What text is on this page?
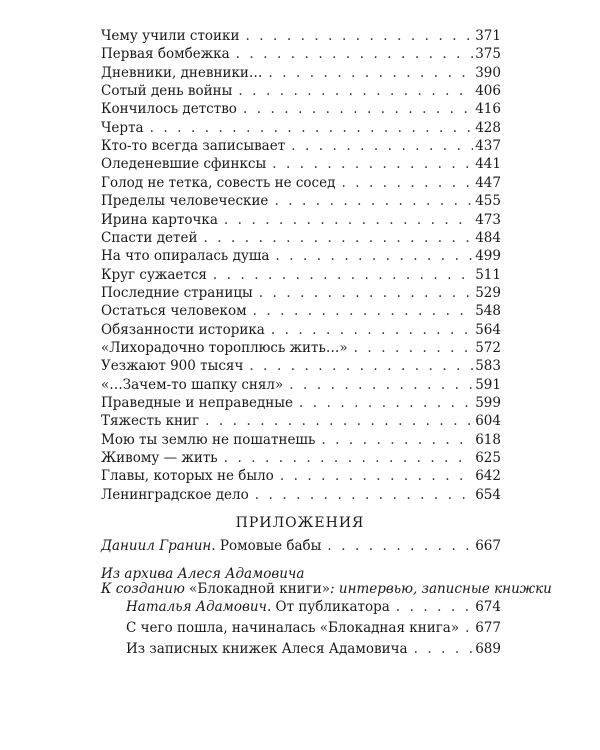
Чему учили стоики . . .	371
Первая бомбежка . . .	375
Дневники, дневники… . . .	390
Сотый день войны . . .	406
Кончилось детство . . .	416
Черта . . .	428
Кто-то всегда записывает . . .	437
Оледеневшие сфинксы . . .	441
Голод не тетка, совесть не сосед . . .	447
Пределы человеческие . . .	455
Ирина карточка . . .	473
Спасти детей . . .	484
На что опиралась душа . . .	499
Круг сужается . . .	511
Последние страницы . . .	529
Остаться человеком . . .	548
Обязанности историка . . .	564
«Лихорадочно тороплюсь жить…» . . .	572
Уезжают 900 тысяч . . .	583
«…Зачем-то шапку снял» . . .	591
Праведные и неправедные . . .	599
Тяжесть книг . . .	604
Мою ты землю не пошатнешь . . .	618
Живому — жить . . .	625
Главы, которых не было . . .	642
Ленинградское дело . . .	654
ПРИЛОЖЕНИЯ
Даниил Гранин. Ромовые бабы . . .	667
Из архива Алеся Адамовича
К созданию «Блокадной книги»: интервью, записные книжки
Наталья Адамович. От публикатора . . .	674
С чего пошла, начиналась «Блокадная книга» . . .	677
Из записных книжек Алеся Адамовича . . .	689
